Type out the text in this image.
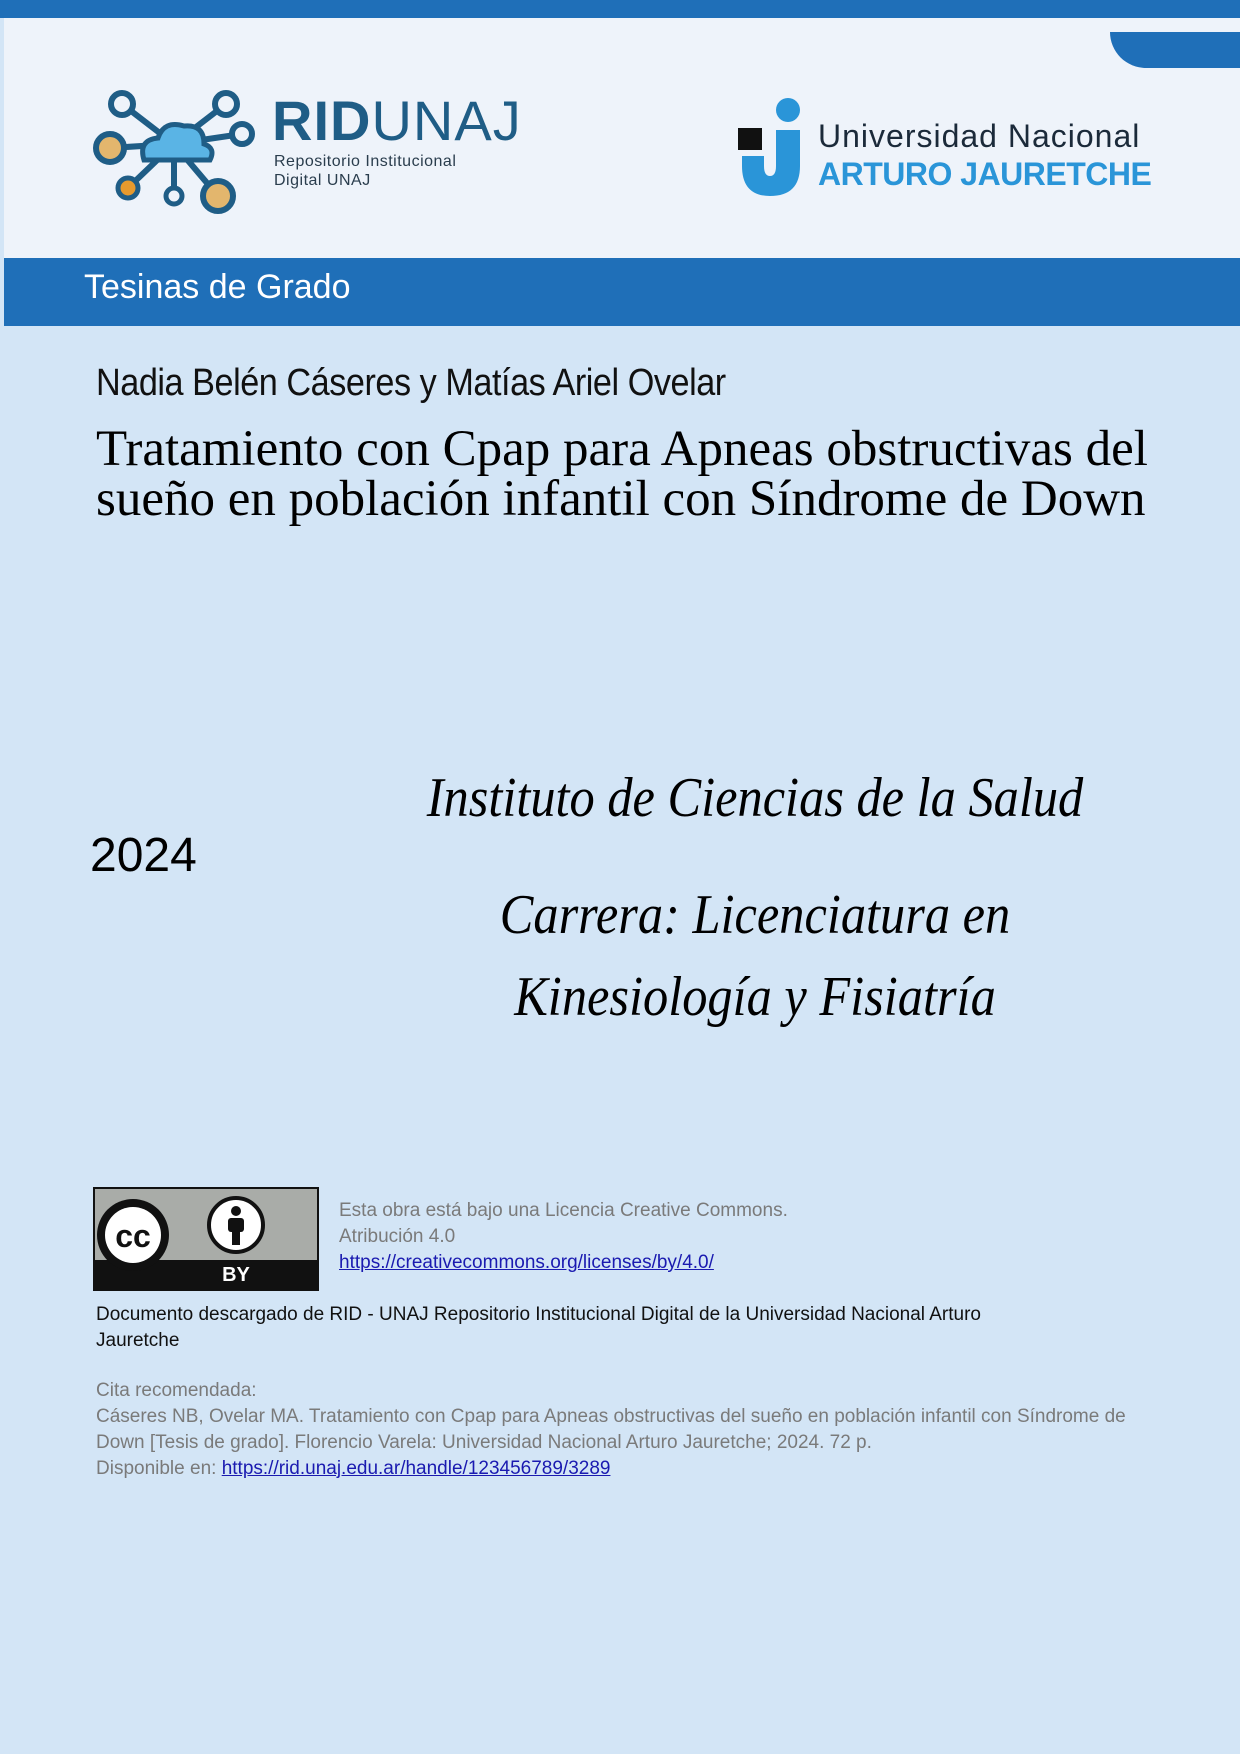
RIDUNAJ
Repositorio Institucional
Digital UNAJ
Universidad Nacional
ARTURO JAURETCHE
Tesinas de Grado
Nadia Belén Cáseres y Matías Ariel Ovelar
Tratamiento con Cpap para Apneas obstructivas del sueño en población infantil con Síndrome de Down
2024
Instituto de Ciencias de la Salud
Carrera: Licenciatura en Kinesiología y Fisiatría
cc
BY
Esta obra está bajo una Licencia Creative Commons.
Atribución 4.0
https://creativecommons.org/licenses/by/4.0/
Documento descargado de RID - UNAJ Repositorio Institucional Digital de la Universidad Nacional Arturo Jauretche
Cita recomendada:
Cáseres NB, Ovelar MA. Tratamiento con Cpap para Apneas obstructivas del sueño en población infantil con Síndrome de Down [Tesis de grado]. Florencio Varela: Universidad Nacional Arturo Jauretche; 2024. 72 p.
Disponible en: https://rid.unaj.edu.ar/handle/123456789/3289
